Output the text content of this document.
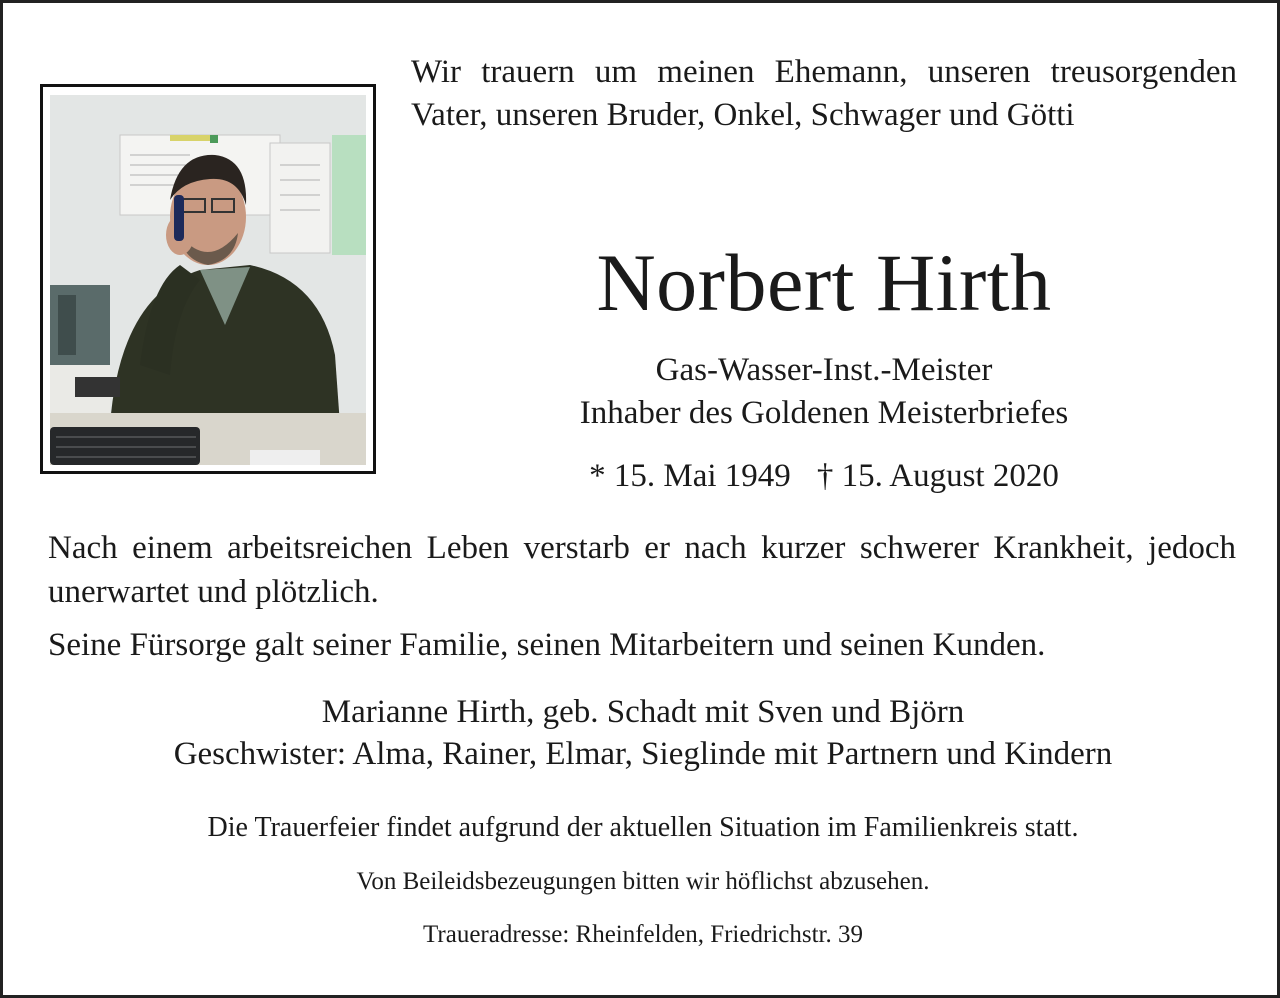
Wir trauern um meinen Ehemann, unseren treusorgenden Vater, unseren Bruder, Onkel, Schwager und Götti

Norbert Hirth

Gas-Wasser-Inst.-Meister

Inhaber des Goldenen Meisterbriefes

* 15. Mai 1949 † 15. August 2020

Nach einem arbeitsreichen Leben verstarb er nach kurzer schwerer Krankheit, jedoch unerwartet und plötzlich.

Seine Fürsorge galt seiner Familie, seinen Mitarbeitern und seinen Kunden.

Marianne Hirth, geb. Schadt mit Sven und Björn

Geschwister: Alma, Rainer, Elmar, Sieglinde mit Partnern und Kindern

Die Trauerfeier findet aufgrund der aktuellen Situation im Familienkreis statt.

Von Beileidsbezeugungen bitten wir höflichst abzusehen.

Traueradresse: Rheinfelden, Friedrichstr. 39
